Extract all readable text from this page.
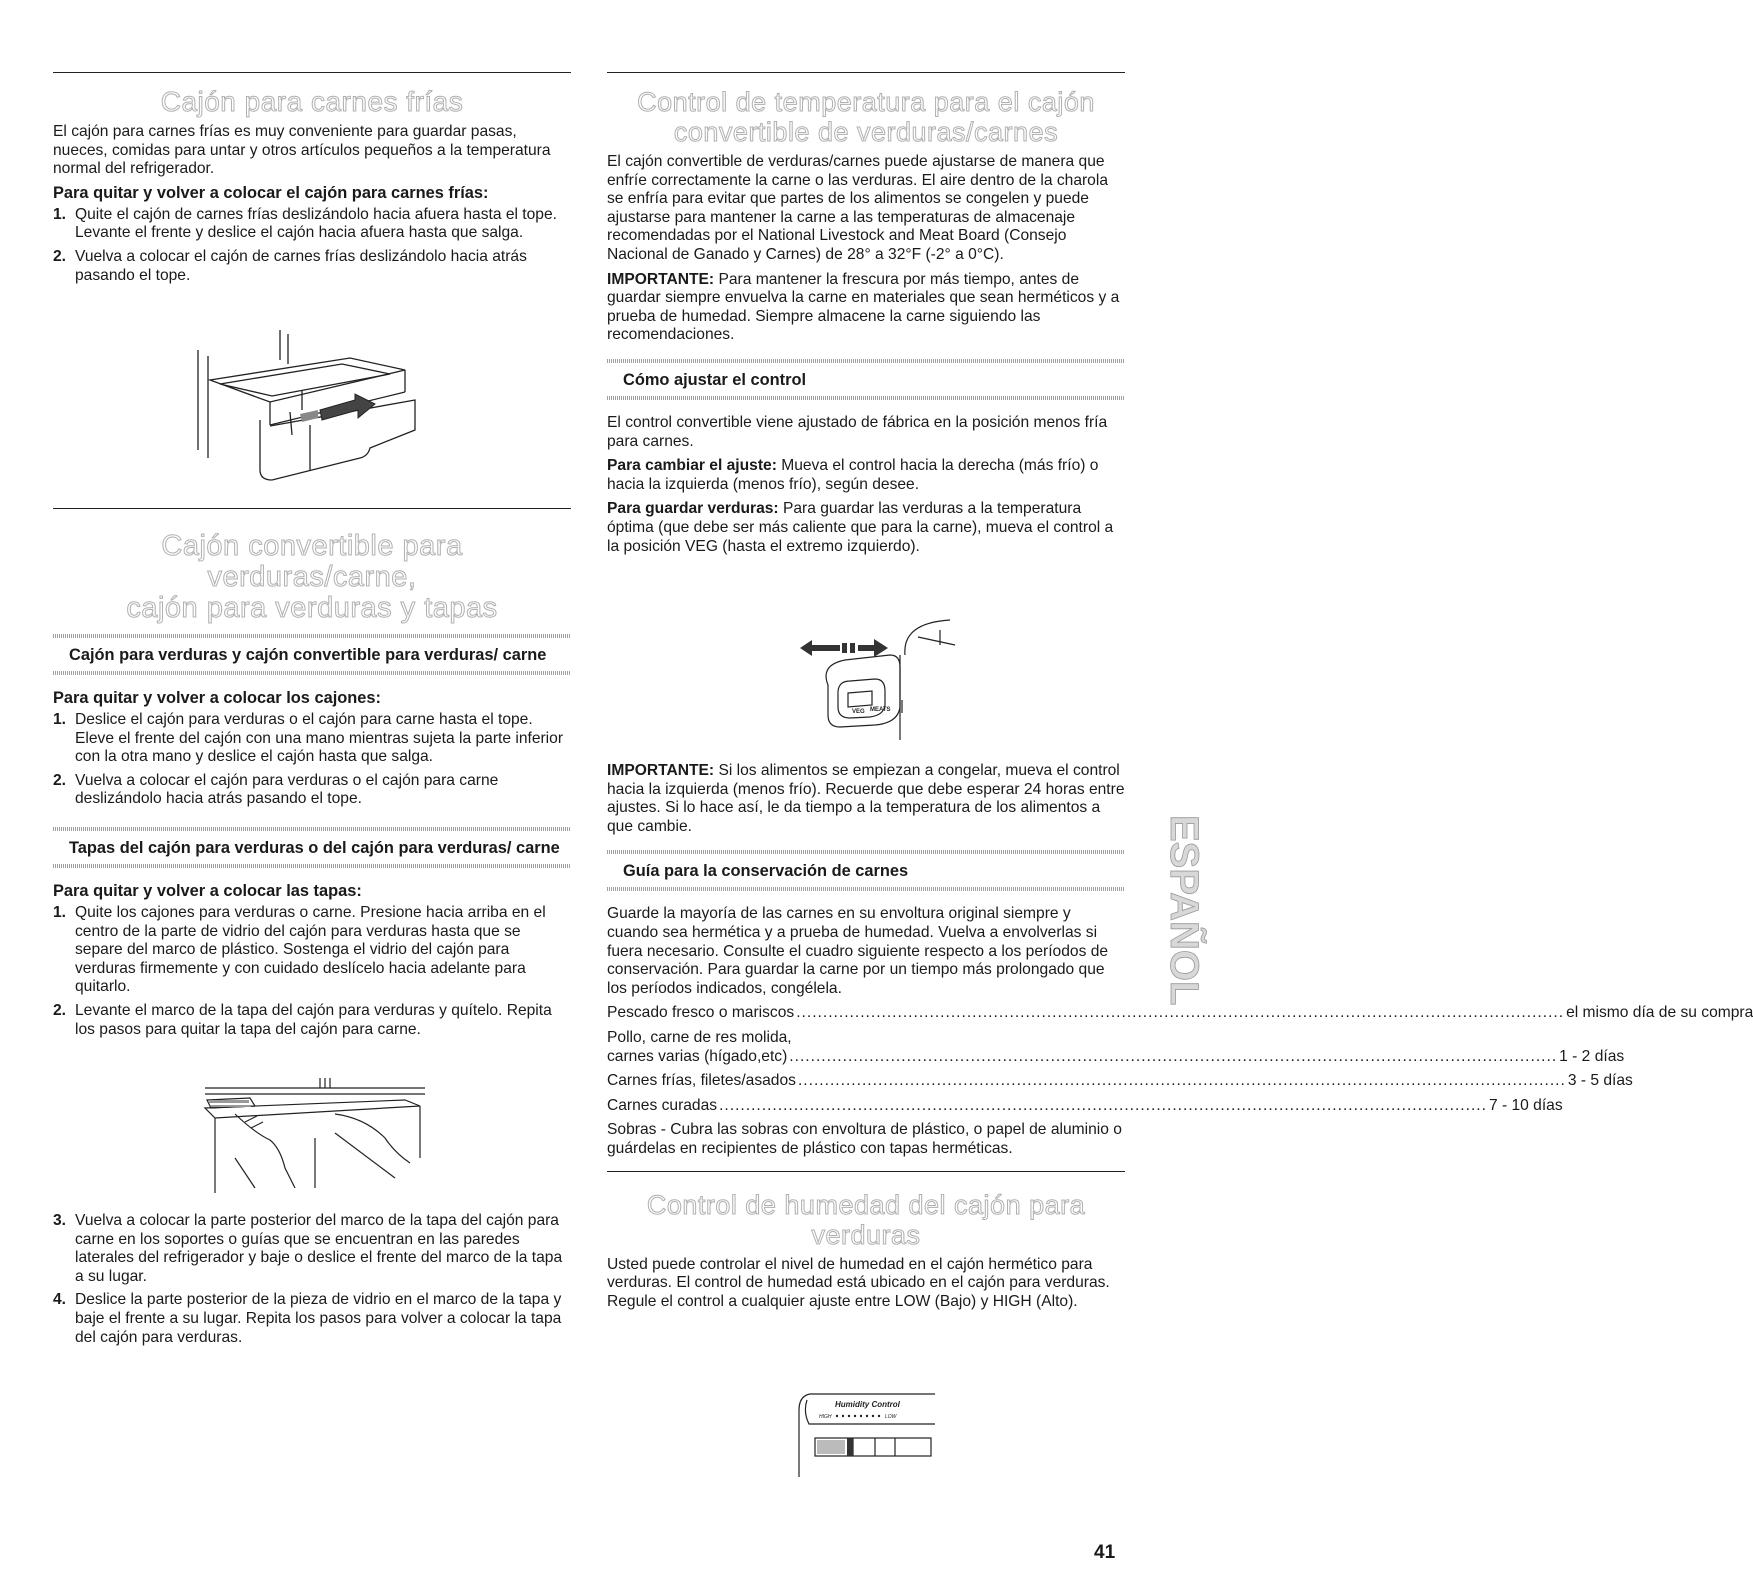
Cajón para carnes frías

El cajón para carnes frías es muy conveniente para guardar pasas, nueces, comidas para untar y otros artículos pequeños a la temperatura normal del refrigerador.

Para quitar y volver a colocar el cajón para carnes frías:

1. Quite el cajón de carnes frías deslizándolo hacia afuera hasta el tope. Levante el frente y deslice el cajón hacia afuera hasta que salga.
2. Vuelva a colocar el cajón de carnes frías deslizándolo hacia atrás pasando el tope.
Cajón convertible para verduras/carne,
cajón para verduras y tapas

Cajón para verduras y cajón convertible para verduras/ carne

Para quitar y volver a colocar los cajones:

1. Deslice el cajón para verduras o el cajón para carne hasta el tope. Eleve el frente del cajón con una mano mientras sujeta la parte inferior con la otra mano y deslice el cajón hasta que salga.
2. Vuelva a colocar el cajón para verduras o el cajón para carne deslizándolo hacia atrás pasando el tope.

Tapas del cajón para verduras o del cajón para verduras/ carne

Para quitar y volver a colocar las tapas:

1. Quite los cajones para verduras o carne. Presione hacia arriba en el centro de la parte de vidrio del cajón para verduras hasta que se separe del marco de plástico. Sostenga el vidrio del cajón para verduras firmemente y con cuidado deslícelo hacia adelante para quitarlo.
2. Levante el marco de la tapa del cajón para verduras y quítelo. Repita los pasos para quitar la tapa del cajón para carne.
3. Vuelva a colocar la parte posterior del marco de la tapa del cajón para carne en los soportes o guías que se encuentran en las paredes laterales del refrigerador y baje o deslice el frente del marco de la tapa a su lugar.
4. Deslice la parte posterior de la pieza de vidrio en el marco de la tapa y baje el frente a su lugar. Repita los pasos para volver a colocar la tapa del cajón para verduras.
Control de temperatura para el cajón
convertible de verduras/carnes

El cajón convertible de verduras/carnes puede ajustarse de manera que enfríe correctamente la carne o las verduras. El aire dentro de la charola se enfría para evitar que partes de los alimentos se congelen y puede ajustarse para mantener la carne a las temperaturas de almacenaje recomendadas por el National Livestock and Meat Board (Consejo Nacional de Ganado y Carnes) de 28° a 32°F (-2° a 0°C).

IMPORTANTE: Para mantener la frescura por más tiempo, antes de guardar siempre envuelva la carne en materiales que sean herméticos y a prueba de humedad. Siempre almacene la carne siguiendo las recomendaciones.

Cómo ajustar el control

El control convertible viene ajustado de fábrica en la posición menos fría para carnes.

Para cambiar el ajuste: Mueva el control hacia la derecha (más frío) o hacia la izquierda (menos frío), según desee.

Para guardar verduras: Para guardar las verduras a la temperatura óptima (que debe ser más caliente que para la carne), mueva el control a la posición VEG (hasta el extremo izquierdo).

VEG MEATS

IMPORTANTE: Si los alimentos se empiezan a congelar, mueva el control hacia la izquierda (menos frío). Recuerde que debe esperar 24 horas entre ajustes. Si lo hace así, le da tiempo a la temperatura de los alimentos a que cambie.

Guía para la conservación de carnes

Guarde la mayoría de las carnes en su envoltura original siempre y cuando sea hermética y a prueba de humedad. Vuelva a envolverlas si fuera necesario. Consulte el cuadro siguiente respecto a los períodos de conservación. Para guardar la carne por un tiempo más prolongado que los períodos indicados, congélela.

Pescado fresco o mariscos .....	el mismo día de su compra
Pollo, carne de res molida,
carnes varias (hígado,etc) .....	1 - 2 días
Carnes frías, filetes/asados .....	3 - 5 días
Carnes curadas .....	7 - 10 días

Sobras - Cubra las sobras con envoltura de plástico, o papel de aluminio o guárdelas en recipientes de plástico con tapas herméticas.

Control de humedad del cajón para
verduras

Usted puede controlar el nivel de humedad en el cajón hermético para verduras. El control de humedad está ubicado en el cajón para verduras. Regule el control a cualquier ajuste entre LOW (Bajo) y HIGH (Alto).

Humidity Control
HIGH	LOW
ESPAÑOL
41
